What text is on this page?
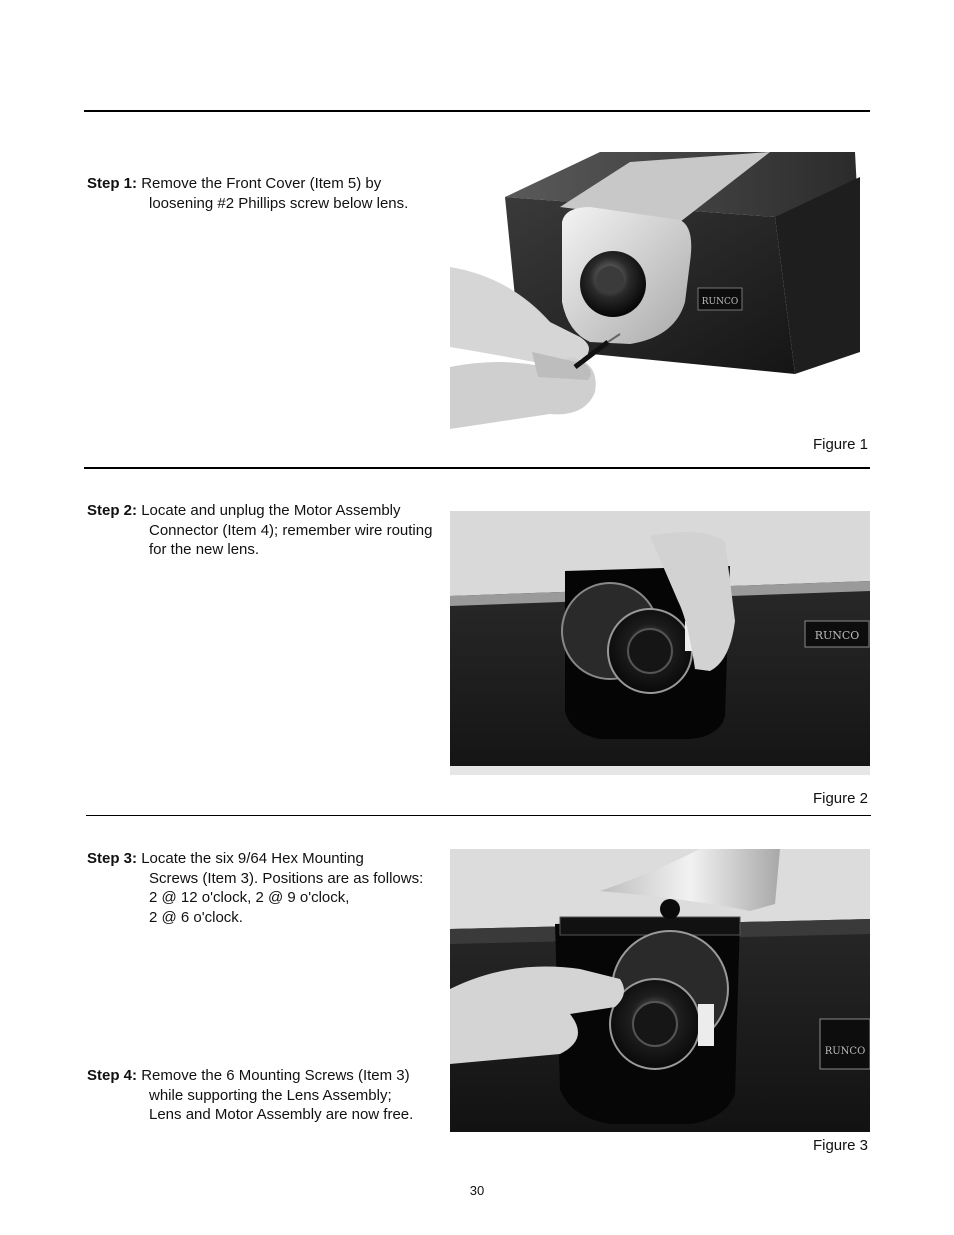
Step 1: Remove the Front Cover (Item 5) by
loosening #2 Phillips screw below lens.
RUNCO
Figure 1
Step 2: Locate and unplug the Motor Assembly
Connector (Item 4); remember wire routing
for the new lens.
RUNCO
Figure 2
Step 3: Locate the six 9/64 Hex Mounting
Screws (Item 3). Positions are as follows:
2 @ 12 o'clock, 2 @ 9 o'clock,
2 @ 6 o'clock.
Step 4: Remove the 6 Mounting Screws (Item 3)
while supporting the Lens Assembly;
Lens and Motor Assembly are now free.
RUNCO
Figure 3
30
